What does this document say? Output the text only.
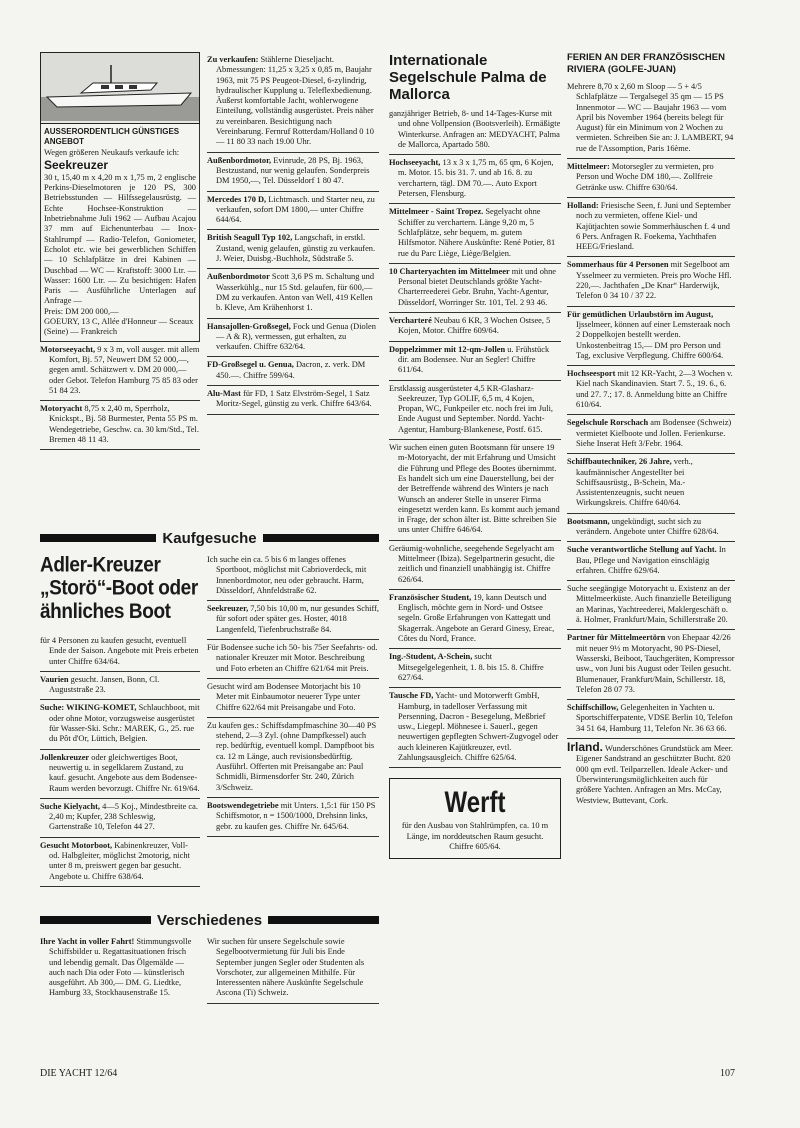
AUSSERORDENTLICH GÜNSTIGES ANGEBOT

Wegen größeren Neukaufs verkaufe ich:

Seekreuzer

30 t, 15,40 m x 4,20 m x 1,75 m, 2 englische Perkins-Dieselmotoren je 120 PS, 300 Betriebsstunden — Hilfssegelausrüstg. — Echte Hochsee-Konstruktion — Inbetriebnahme Juli 1962 — Aufbau Acajou 37 mm auf Eichenunterbau — Inox-Stahlrumpf — Radio-Telefon, Goniometer, Echolot etc. wie bei gewerblichen Schiffen — 10 Schlafplätze in drei Kabinen — Duschbad — WC — Kraftstoff: 3000 Ltr. — Wasser: 1600 Ltr. — Zu besichtigen: Hafen Paris — Ausführliche Unterlagen auf Anfrage —

Preis: DM 200 000,—

GOEURY, 13 C, Allée d'Honneur — Sceaux (Seine) — Frankreich

Motorseeyacht, 9 x 3 m, voll ausger. mit allem Komfort, Bj. 57, Neuwert DM 52 000,—, gegen amtl. Schätzwert v. DM 20 000,— oder Gebot. Telefon Hamburg 75 85 83 oder 51 84 23.

Motoryacht 8,75 x 2,40 m, Sperrholz, Knickspt., Bj. 58 Burmester, Penta 55 PS m. Wendegetriebe, Geschw. ca. 30 km/Std., Tel. Bremen 48 11 43.

Zu verkaufen: Stählerne Dieseljacht. Abmessungen: 11,25 x 3,25 x 0,85 m, Baujahr 1963, mit 75 PS Peugeot-Diesel, 6-zylindrig, hydraulischer Kupplung u. Teleflexbedienung. Äußerst komfortable Jacht, wohlerwogene Einteilung, vollständig ausgerüstet. Preis näher zu vereinbaren. Besichtigung nach Vereinbarung. Fernruf Rotterdam/Holland 0 10 — 11 80 33 nach 19.00 Uhr.

Außenbordmotor, Evinrude, 28 PS, Bj. 1963, Bestzustand, nur wenig gelaufen. Sonderpreis DM 1950,—, Tel. Düsseldorf 1 80 47.

Mercedes 170 D, Lichtmasch. und Starter neu, zu verkaufen, sofort DM 1800,— unter Chiffre 644/64.

British Seagull Typ 102, Langschaft, in erstkl. Zustand, wenig gelaufen, günstig zu verkaufen. J. Weier, Duisbg.-Buchholz, Südstraße 5.

Außenbordmotor Scott 3,6 PS m. Schaltung und Wasserkühlg., nur 15 Std. gelaufen, für 600,— DM zu verkaufen. Anton van Well, 419 Kellen b. Kleve, Am Krähenhorst 1.

Hansajollen-Großsegel, Fock und Genua (Diolen — A & R), vermessen, gut erhalten, zu verkaufen. Chiffre 632/64.

FD-Großsegel u. Genua, Dacron, z. verk. DM 450.—. Chiffre 599/64.

Alu-Mast für FD, 1 Satz Elvström-Segel, 1 Satz Moritz-Segel, günstig zu verk. Chiffre 643/64.

Kaufgesuche
Adler-Kreuzer „Storö“-Boot oder ähnliches Boot

für 4 Personen zu kaufen gesucht, eventuell Ende der Saison. Angebote mit Preis erbeten unter Chiffre 634/64.

Vaurien gesucht. Jansen, Bonn, Cl. Auguststraße 23.

Suche: WIKING-KOMET, Schlauchboot, mit oder ohne Motor, vorzugsweise ausgerüstet für Wasser-Ski. Schr.: MAREK, G., 25. rue du Pôt d'Or, Lüttich, Belgien.

Jollenkreuzer oder gleichwertiges Boot, neuwertig u. in segelklarem Zustand, zu kauf. gesucht. Angebote aus dem Bodensee-Raum werden bevorzugt. Chiffre Nr. 619/64.

Suche Kielyacht, 4—5 Koj., Mindestbreite ca. 2,40 m; Kupfer, 238 Schleswig, Gartenstraße 10, Telefon 44 27.

Gesucht Motorboot, Kabinenkreuzer, Voll- od. Halbgleiter, möglichst 2motorig, nicht unter 8 m, preiswert gegen bar gesucht. Angebote u. Chiffre 638/64.

Ich suche ein ca. 5 bis 6 m langes offenes Sportboot, möglichst mit Cabrioverdeck, mit Innenbordmotor, neu oder gebraucht. Harm, Düsseldorf, Ahnfeldstraße 62.

Seekreuzer, 7,50 bis 10,00 m, nur gesundes Schiff, für sofort oder später ges. Hoster, 4018 Langenfeld, Tiefenbruchstraße 84.

Für Bodensee suche ich 50- bis 75er Seefahrts- od. nationaler Kreuzer mit Motor. Beschreibung und Foto erbeten an Chiffre 621/64 mit Preis.

Gesucht wird am Bodensee Motorjacht bis 10 Meter mit Einbaumotor neuerer Type unter Chiffre 622/64 mit Preisangabe und Foto.

Zu kaufen ges.: Schiffsdampfmaschine 30—40 PS stehend, 2—3 Zyl. (ohne Dampfkessel) auch rep. bedürftig, eventuell kompl. Dampfboot bis ca. 12 m Länge, auch revisionsbedürftig. Ausführl. Offerten mit Preisangabe an: Paul Schmidli, Birmensdorfer Str. 240, Zürich 3/Schweiz.

Bootswendegetriebe mit Unters. 1,5:1 für 150 PS Schiffsmotor, n = 1500/1000, Drehsinn links, gebr. zu kaufen ges. Chiffre Nr. 645/64.

Verschiedenes

Ihre Yacht in voller Fahrt! Stimmungsvolle Schiffsbilder u. Regattasituationen frisch und lebendig gemalt. Das Ölgemälde — auch nach Dia oder Foto — künstlerisch ausgeführt. Ab 300,— DM. G. Liedtke, Hamburg 33, Stockhausenstraße 15.

Wir suchen für unsere Segelschule sowie Segelbootvermietung für Juli bis Ende September jungen Segler oder Studenten als Vorschoter, zur allgemeinen Mithilfe. Für Interessenten nähere Auskünfte Segelschule Ascona (Ti) Schweiz.

Internationale Segelschule Palma de Mallorca

ganzjähriger Betrieb, 8- und 14-Tages-Kurse mit und ohne Vollpension (Bootsverleih). Ermäßigte Winterkurse. Anfragen an: MEDYACHT, Palma de Mallorca, Apartado 580.

Hochseeyacht, 13 x 3 x 1,75 m, 65 qm, 6 Kojen, m. Motor. 15. bis 31. 7. und ab 16. 8. zu verchartern, tägl. DM 70.—. Auto Export Petersen, Flensburg.

Mittelmeer - Saint Tropez. Segelyacht ohne Schiffer zu verchartern. Länge 9,20 m, 5 Schlafplätze, sehr bequem, m. gutem Hilfsmotor. Nähere Auskünfte: René Potier, 81 rue du Parc Liège, Liège/Belgien.

10 Charteryachten im Mittelmeer mit und ohne Personal bietet Deutschlands größte Yacht-Charterreederei Gebr. Bruhn, Yacht-Agentur, Düsseldorf, Worringer Str. 101, Tel. 2 93 46.

Vercharteré Neubau 6 KR, 3 Wochen Ostsee, 5 Kojen, Motor. Chiffre 609/64.

Doppelzimmer mit 12-qm-Jollen u. Frühstück dir. am Bodensee. Nur an Segler! Chiffre 611/64.

Erstklassig ausgerüsteter 4,5 KR-Glasharz-Seekreuzer, Typ GOLIF, 6,5 m, 4 Kojen, Propan, WC, Funkpeiler etc. noch frei im Juli, Ende August und September. Nordd. Yacht-Agentur, Hamburg-Blankenese, Postf. 615.

Wir suchen einen guten Bootsmann für unsere 19 m-Motoryacht, der mit Erfahrung und Umsicht die Führung und Pflege des Bootes übernimmt. Es handelt sich um eine Dauerstellung, bei der der Betreffende während des Winters je nach Wunsch an anderer Stelle in unserer Firma eingesetzt werden kann. Es kommt auch jemand in Frage, der schon älter ist. Bitte schreiben Sie uns unter Chiffre 646/64.

Geräumig-wohnliche, seegehende Segelyacht am Mittelmeer (Ibiza). Segelpartnerin gesucht, die zeitlich und finanziell unabhängig ist. Chiffre 626/64.

Französischer Student, 19, kann Deutsch und Englisch, möchte gern in Nord- und Ostsee segeln. Große Erfahrungen von Kattegatt und Skagerrak. Angebote an Gerard Ginesy, Ereac, Côtes du Nord, France.

Ing.-Student, A-Schein, sucht Mitsegelgelegenheit, 1. 8. bis 15. 8. Chiffre 627/64.

Tausche FD, Yacht- und Motorwerft GmbH, Hamburg, in tadelloser Verfassung mit Persenning, Dacron - Besegelung, Meßbrief usw., Liegepl. Möhnesee i. Sauerl., gegen neuwertigen gepflegten Schwert-Zugvogel oder auch kleineren Kajütkreuzer, evtl. Zahlungsausgleich. Chiffre 625/64.

Werft

für den Ausbau von Stahlrümpfen, ca. 10 m Länge, im norddeutschen Raum gesucht. Chiffre 605/64.

FERIEN AN DER FRANZÖSISCHEN RIVIERA (GOLFE-JUAN)

Mehrere 8,70 x 2,60 m Sloop — 5 + 4/5 Schlafplätze — Tergalsegel 35 qm — 15 PS Innenmotor — WC — Baujahr 1963 — vom April bis November 1964 (bereits belegt für August) für ein Minimum von 2 Wochen zu vermieten. Schreiben Sie an: J. LAMBERT, 94 rue de l'Assomption, Paris 16ème.

Mittelmeer: Motorsegler zu vermieten, pro Person und Woche DM 180,—. Zollfreie Getränke usw. Chiffre 630/64.

Holland: Friesische Seen, f. Juni und September noch zu vermieten, offene Kiel- und Kajütjachten sowie Sommerhäuschen f. 4 und 6 Pers. Anfragen R. Foekema, Yachthafen HEEG/Friesland.

Sommerhaus für 4 Personen mit Segelboot am Ysselmeer zu vermieten. Preis pro Woche Hfl. 220,—. Jachthafen „De Knar“ Harderwijk, Telefon 0 34 10 / 37 22.

Für gemütlichen Urlaubstörn im August, Ijsselmeer, können auf einer Lemsteraak noch 2 Doppelkojen bestellt werden. Unkostenbeitrag 15,— DM pro Person und Tag, exclusive Verpflegung. Chiffre 600/64.

Hochseesport mit 12 KR-Yacht, 2—3 Wochen v. Kiel nach Skandinavien. Start 7. 5., 19. 6., 6. und 27. 7.; 17. 8. Anmeldung bitte an Chiffre 610/64.

Segelschule Rorschach am Bodensee (Schweiz) vermietet Kielboote und Jollen. Ferienkurse. Siehe Inserat Heft 3/Febr. 1964.

Schiffbautechniker, 26 Jahre, verh., kaufmännischer Angestellter bei Schiffsausrüstg., B-Schein, Ma.-Assistentenzeugnis, sucht neuen Wirkungskreis. Chiffre 640/64.

Bootsmann, ungekündigt, sucht sich zu verändern. Angebote unter Chiffre 628/64.

Suche verantwortliche Stellung auf Yacht. In Bau, Pflege und Navigation einschlägig erfahren. Chiffre 629/64.

Suche seegängige Motoryacht u. Existenz an der Mittelmeerküste. Auch finanzielle Beteiligung an Marinas, Yachtreederei, Maklergeschäft o. ä. Holmer, Frankfurt/Main, Schillerstraße 20.

Partner für Mittelmeertörn von Ehepaar 42/26 mit neuer 9½ m Motoryacht, 90 PS-Diesel, Wasserski, Beiboot, Tauchgeräten, Kompressor usw., von Juni bis August oder Teilen gesucht. Blumenauer, Frankfurt/Main, Schillerstr. 18, Telefon 28 07 73.

Schiffschillow, Gelegenheiten in Yachten u. Sportschifferpatente, VDSE Berlin 10, Telefon 34 51 64, Hamburg 11, Telefon Nr. 36 63 66.

Irland. Wunderschönes Grundstück am Meer. Eigener Sandstrand an geschützter Bucht. 820 000 qm evtl. Teilparzellen. Ideale Acker- und Überwinterungsmöglichkeiten auch für größere Yachten. Anfragen an Mrs. McCay, Westview, Buttevant, Cork.

DIE YACHT 12/64	107
